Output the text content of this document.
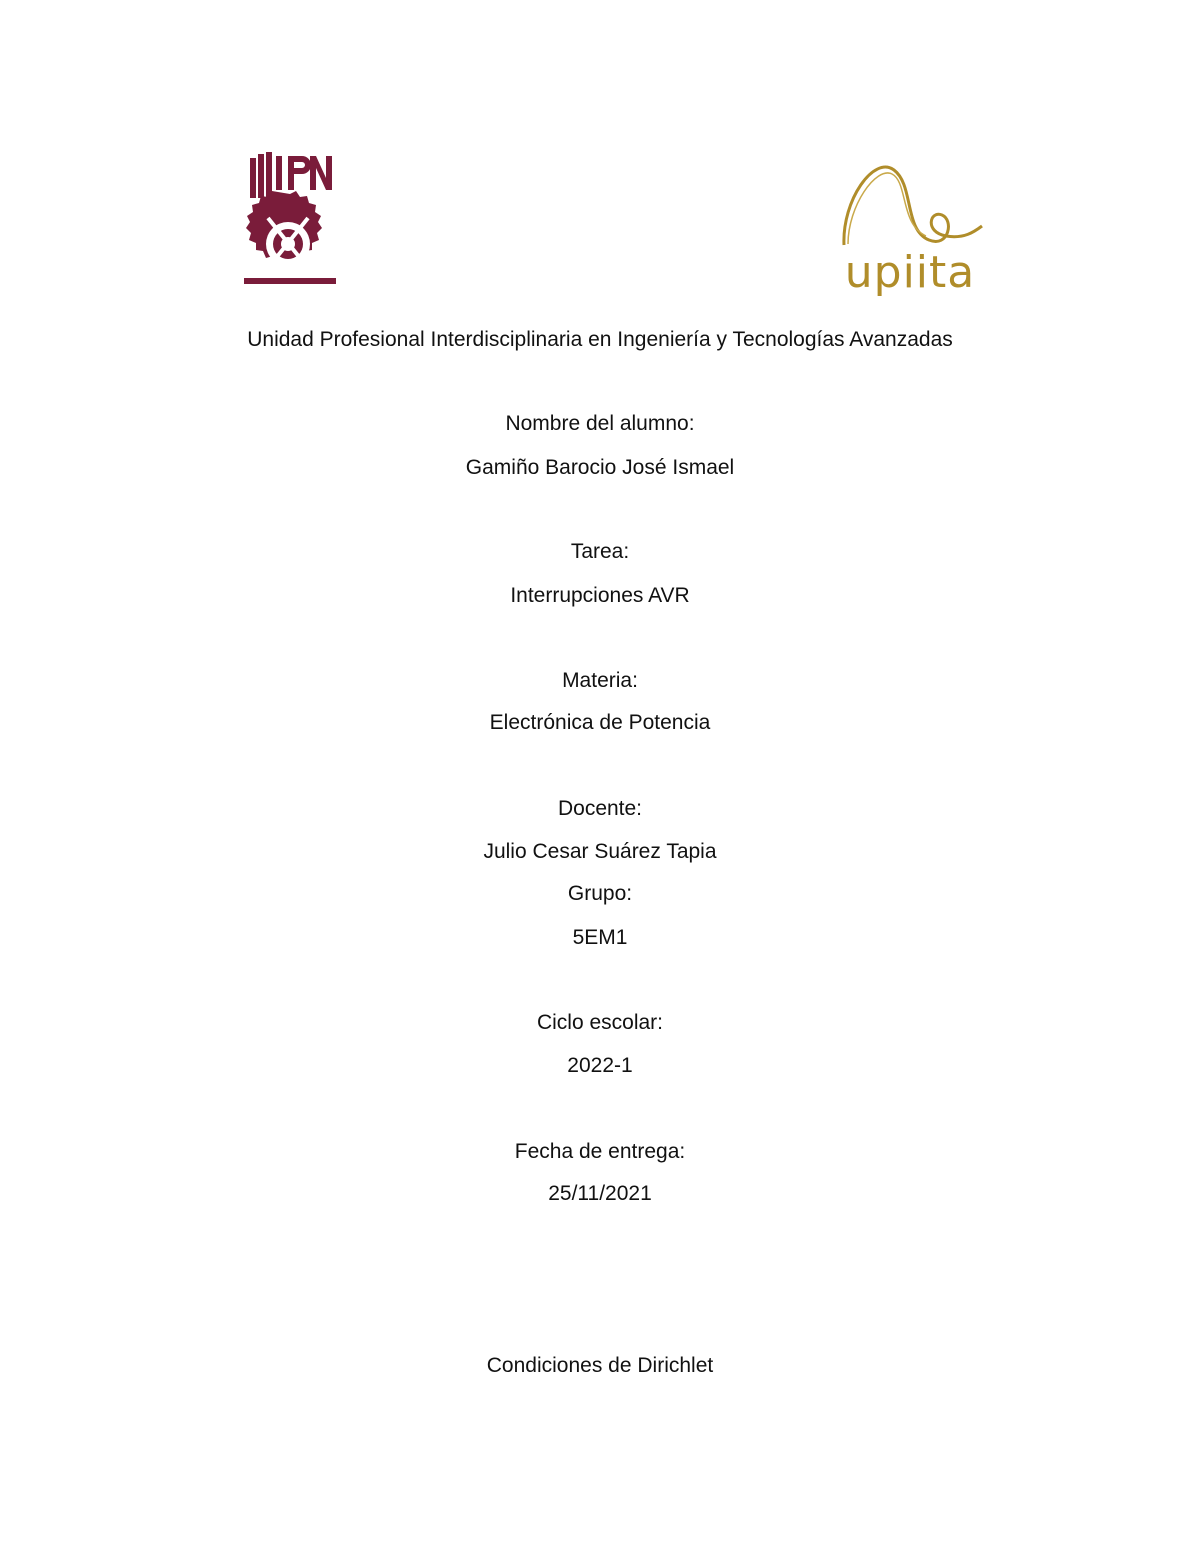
upiita
Unidad Profesional Interdisciplinaria en Ingeniería y Tecnologías Avanzadas
Nombre del alumno:
Gamiño Barocio José Ismael
Tarea:
Interrupciones AVR
Materia:
Electrónica de Potencia
Docente:
Julio Cesar Suárez Tapia
Grupo:
5EM1
Ciclo escolar:
2022-1
Fecha de entrega:
25/11/2021
Condiciones de Dirichlet
